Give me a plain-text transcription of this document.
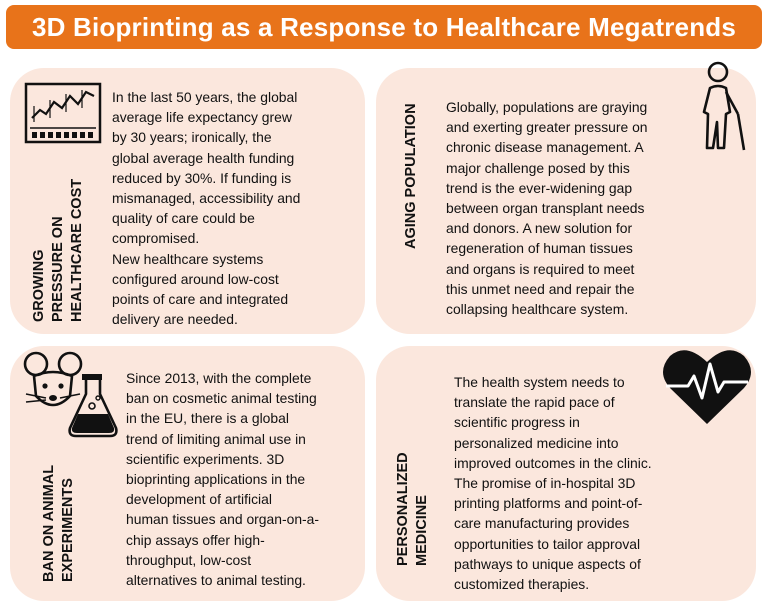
3D Bioprinting as a Response to Healthcare Megatrends
GROWING PRESSURE ON HEALTHCARE COST
In the last 50 years, the global
average life expectancy grew
by 30 years; ironically, the
global average health funding
reduced by 30%. If funding is
mismanaged, accessibility and
quality of care could be
compromised.
New healthcare systems
configured around low-cost
points of care and integrated
delivery are needed.
AGING POPULATION Globally, populations are graying
and exerting greater pressure on
chronic disease management. A
major challenge posed by this
trend is the ever-widening gap
between organ transplant needs
and donors. A new solution for
regeneration of human tissues
and organs is required to meet
this unmet need and repair the
collapsing healthcare system.
BAN ON ANIMAL EXPERIMENTS
Since 2013, with the complete
ban on cosmetic animal testing
in the EU, there is a global
trend of limiting animal use in
scientific experiments. 3D
bioprinting applications in the
development of artificial
human tissues and organ-on-a-
chip assays offer high-
throughput, low-cost
alternatives to animal testing.
PERSONALIZED MEDICINE
The health system needs to
translate the rapid pace of
scientific progress in
personalized medicine into
improved outcomes in the clinic.
The promise of in-hospital 3D
printing platforms and point-of-
care manufacturing provides
opportunities to tailor approval
pathways to unique aspects of
customized therapies.
